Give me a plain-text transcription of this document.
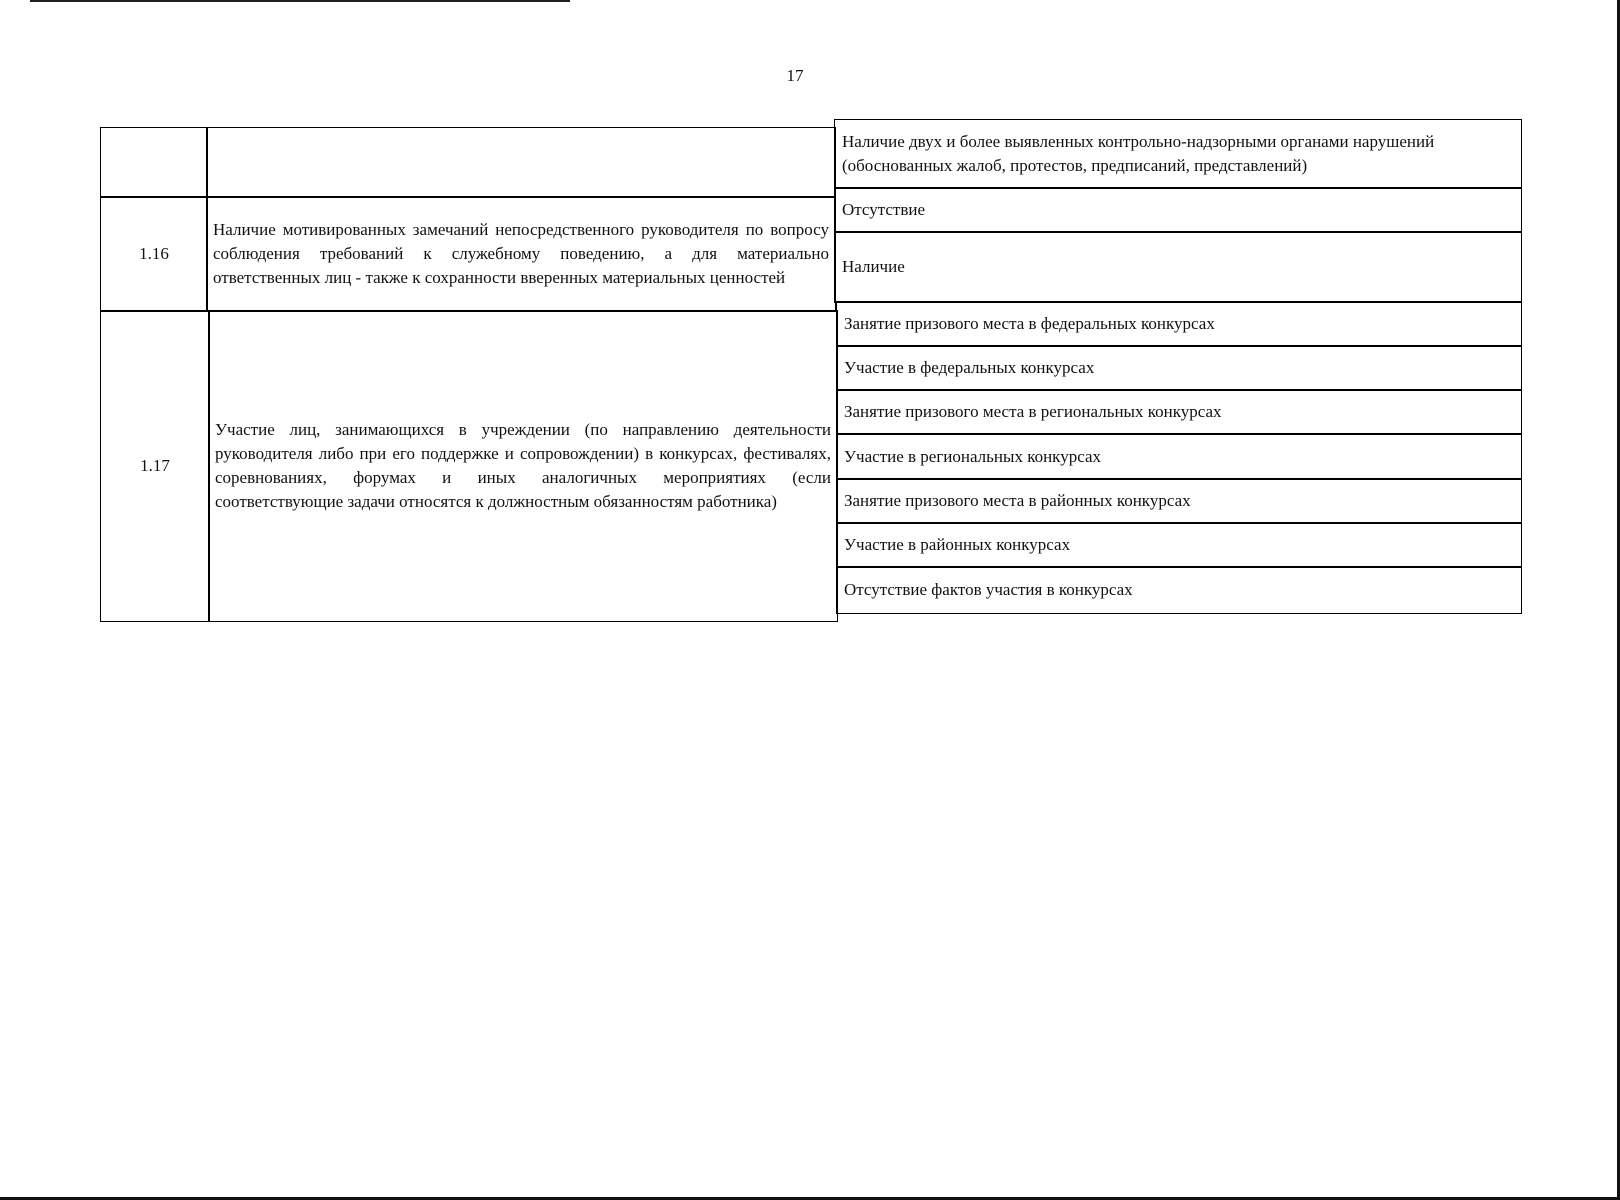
17
Наличие двух и более выявленных контрольно-надзорными органами нарушений (обоснованных жалоб, протестов, предписаний, представлений)
1.16
Наличие мотивированных замечаний непосредственного руководителя по вопросу соблюдения требований к служебному поведению, а для материально ответственных лиц - также к сохранности вверенных материальных ценностей
Отсутствие
Наличие
1.17
Участие лиц, занимающихся в учреждении (по направлению деятельности руководителя либо при его поддержке и сопровождении) в конкурсах, фестивалях, соревнованиях, форумах и иных аналогичных мероприятиях (если соответствующие задачи относятся к должностным обязанностям работника)
Занятие призового места в федеральных конкурсах
Участие в федеральных конкурсах
Занятие призового места в региональных конкурсах
Участие в региональных конкурсах
Занятие призового места в районных конкурсах
Участие в районных конкурсах
Отсутствие фактов участия в конкурсах
